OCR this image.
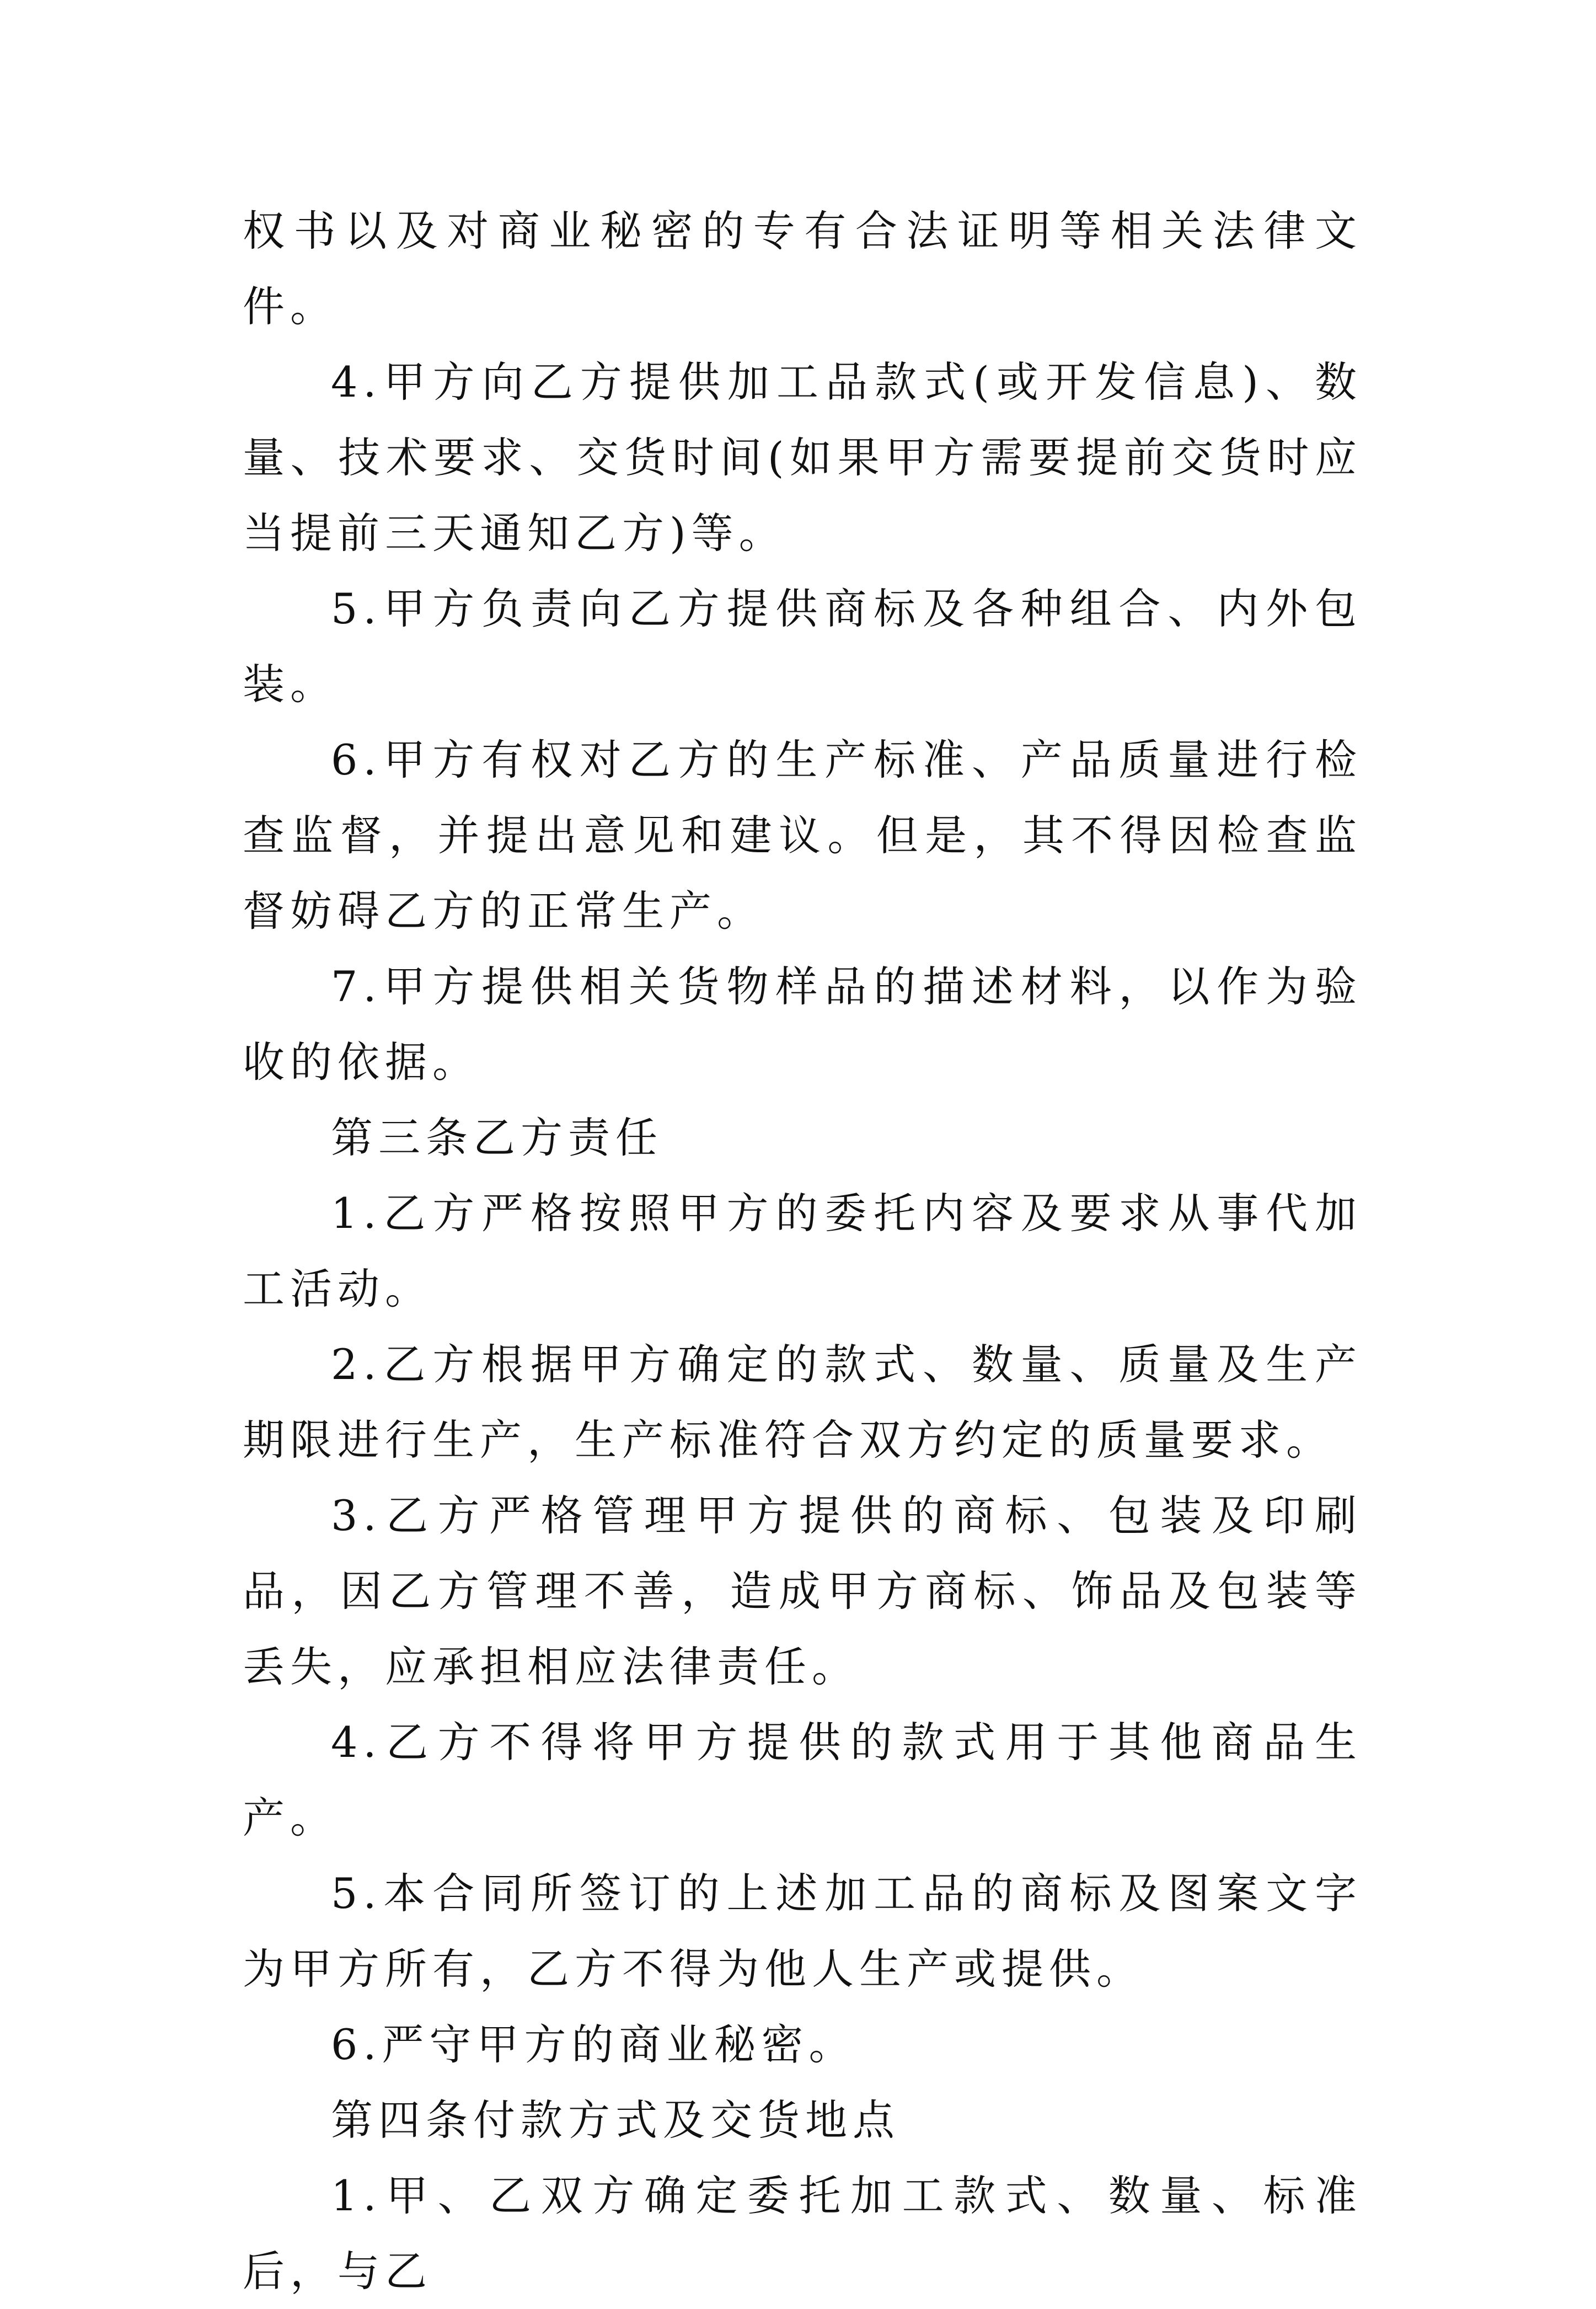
权书以及对商业秘密的专有合法证明等相关法律文件。

4.甲方向乙方提供加工品款式(或开发信息)、数量、技术要求、交货时间(如果甲方需要提前交货时应当提前三天通知乙方)等。

5.甲方负责向乙方提供商标及各种组合、内外包装。

6.甲方有权对乙方的生产标准、产品质量进行检查监督，并提出意见和建议。但是，其不得因检查监督妨碍乙方的正常生产。

7.甲方提供相关货物样品的描述材料，以作为验收的依据。

第三条乙方责任

1.乙方严格按照甲方的委托内容及要求从事代加工活动。

2.乙方根据甲方确定的款式、数量、质量及生产期限进行生产，生产标准符合双方约定的质量要求。

3.乙方严格管理甲方提供的商标、包装及印刷品，因乙方管理不善，造成甲方商标、饰品及包装等丢失，应承担相应法律责任。

4.乙方不得将甲方提供的款式用于其他商品生产。

5.本合同所签订的上述加工品的商标及图案文字为甲方所有，乙方不得为他人生产或提供。

6.严守甲方的商业秘密。

第四条付款方式及交货地点

1.甲、乙双方确定委托加工款式、数量、标准后，与乙
